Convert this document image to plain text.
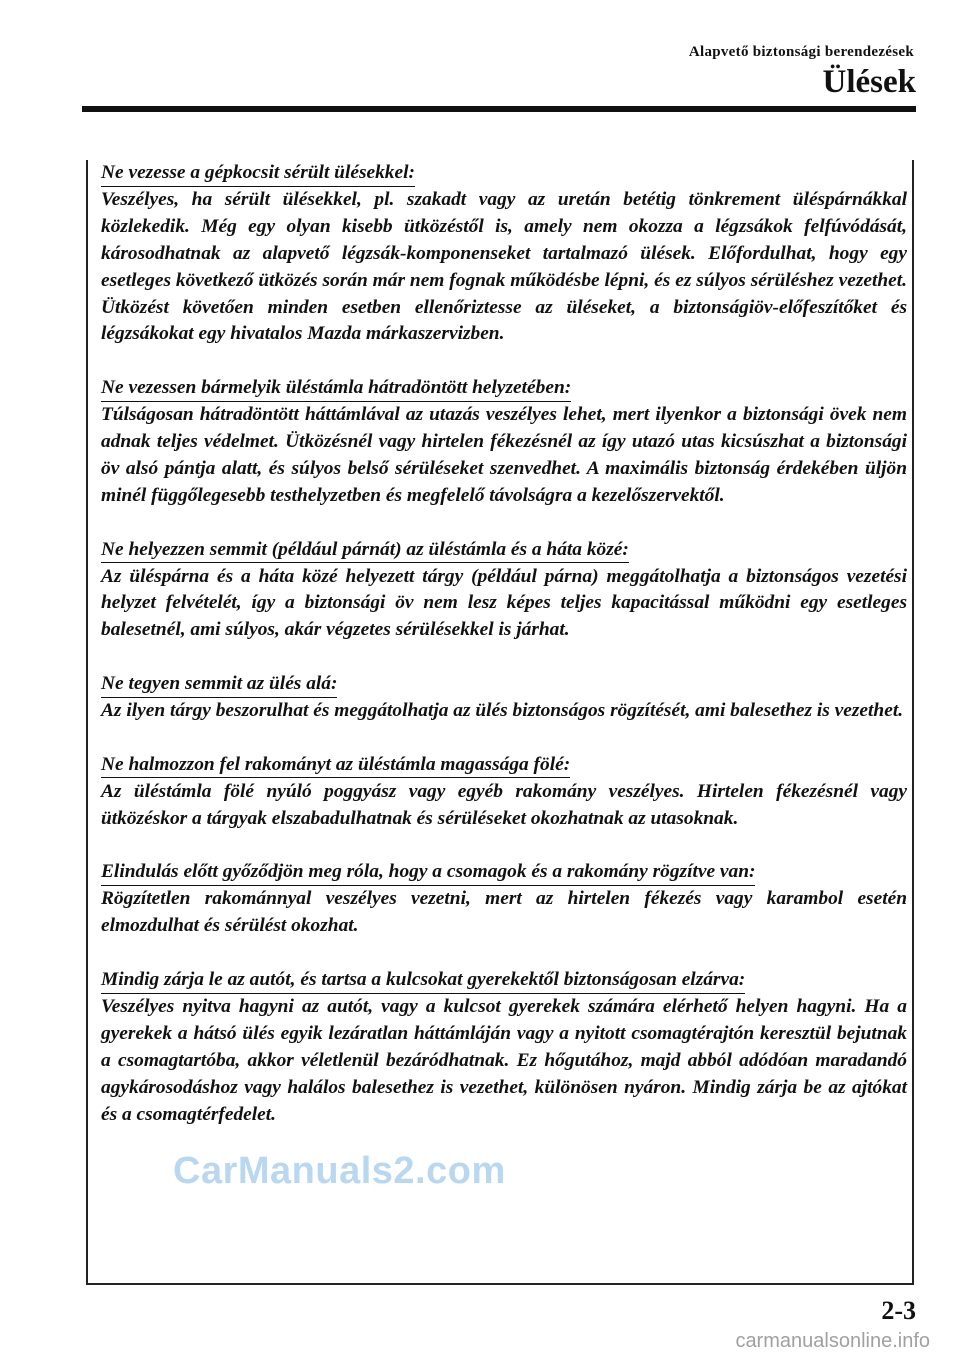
Alapvető biztonsági berendezések
Ülések
Ne vezesse a gépkocsit sérült ülésekkel:
Veszélyes, ha sérült ülésekkel, pl. szakadt vagy az uretán betétig tönkrement üléspárnákkal közlekedik. Még egy olyan kisebb ütközéstől is, amely nem okozza a légzsákok felfúvódását, károsodhatnak az alapvető légzsák-komponenseket tartalmazó ülések. Előfordulhat, hogy egy esetleges következő ütközés során már nem fognak működésbe lépni, és ez súlyos sérüléshez vezethet. Ütközést követően minden esetben ellenőriztesse az üléseket, a biztonságiöv-előfeszítőket és légzsákokat egy hivatalos Mazda márkaszervizben.
Ne vezessen bármelyik üléstámla hátradöntött helyzetében:
Túlságosan hátradöntött háttámlával az utazás veszélyes lehet, mert ilyenkor a biztonsági övek nem adnak teljes védelmet. Ütközésnél vagy hirtelen fékezésnél az így utazó utas kicsúszhat a biztonsági öv alsó pántja alatt, és súlyos belső sérüléseket szenvedhet. A maximális biztonság érdekében üljön minél függőlegesebb testhelyzetben és megfelelő távolságra a kezelőszervektől.
Ne helyezzen semmit (például párnát) az üléstámla és a háta közé:
Az üléspárna és a háta közé helyezett tárgy (például párna) meggátolhatja a biztonságos vezetési helyzet felvételét, így a biztonsági öv nem lesz képes teljes kapacitással működni egy esetleges balesetnél, ami súlyos, akár végzetes sérülésekkel is járhat.
Ne tegyen semmit az ülés alá:
Az ilyen tárgy beszorulhat és meggátolhatja az ülés biztonságos rögzítését, ami balesethez is vezethet.
Ne halmozzon fel rakományt az üléstámla magassága fölé:
Az üléstámla fölé nyúló poggyász vagy egyéb rakomány veszélyes. Hirtelen fékezésnél vagy ütközéskor a tárgyak elszabadulhatnak és sérüléseket okozhatnak az utasoknak.
Elindulás előtt győződjön meg róla, hogy a csomagok és a rakomány rögzítve van:
Rögzítetlen rakománnyal veszélyes vezetni, mert az hirtelen fékezés vagy karambol esetén elmozdulhat és sérülést okozhat.
Mindig zárja le az autót, és tartsa a kulcsokat gyerekektől biztonságosan elzárva:
Veszélyes nyitva hagyni az autót, vagy a kulcsot gyerekek számára elérhető helyen hagyni. Ha a gyerekek a hátsó ülés egyik lezáratlan háttámláján vagy a nyitott csomagtérajtón keresztül bejutnak a csomagtartóba, akkor véletlenül bezáródhatnak. Ez hőgutához, majd abból adódóan maradandó agykárosodáshoz vagy halálos balesethez is vezethet, különösen nyáron. Mindig zárja be az ajtókat és a csomagtérfedelet.
CarManuals2.com
2-3
carmanualsonline.info
